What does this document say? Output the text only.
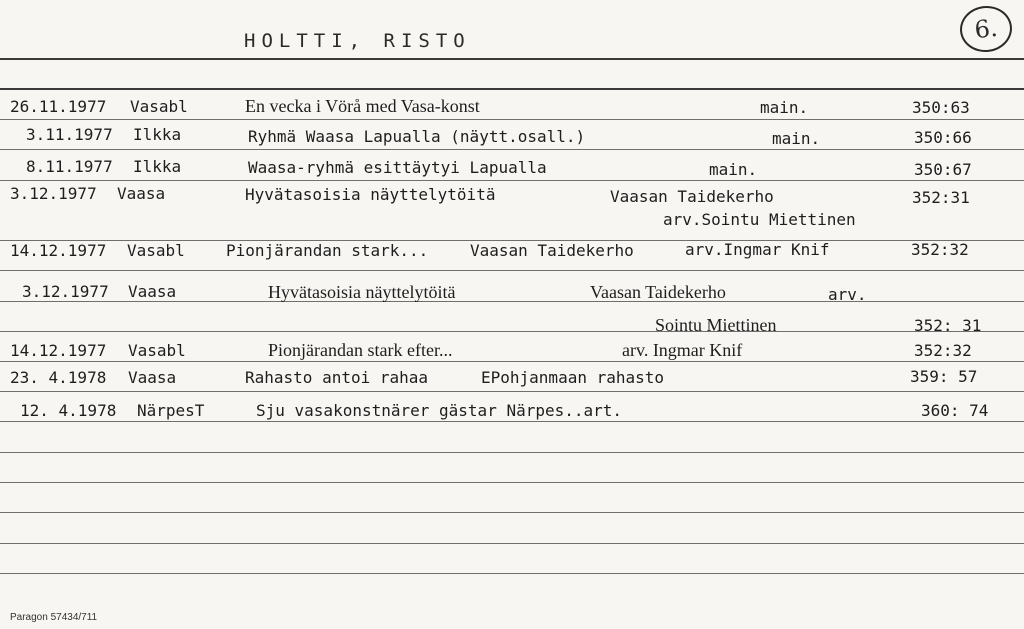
HOLTTI, RISTO	6.
26.11.1977 Vasabl	En vecka i Vörå med Vasa-konst	main.	350:63
3.11.1977 Ilkka	Ryhmä Waasa Lapualla (näytt.osall.)	main.	350:66
8.11.1977 Ilkka	Waasa-ryhmä esittäytyi Lapualla	main.	350:67
3.12.1977 Vaasa	Hyvätasoisia näyttelytöitä	Vaasan Taidekerho	352:31
arv.Sointu Miettinen
14.12.1977 Vasabl	Pionjärandan stark...	Vaasan Taidekerho	arv.Ingmar Knif	352:32
3.12.1977 Vaasa	Hyvätasoisia näyttelytöitä	Vaasan Taidekerho	arv.
Sointu Miettinen	352: 31
14.12.1977 Vasabl	Pionjärandan stark efter...	arv. Ingmar Knif	352:32
23. 4.1978 Vaasa	Rahasto antoi rahaa	EPohjanmaan rahasto	359: 57
12. 4.1978 NärpesT	Sju vasakonstnärer gästar Närpes..art.	360: 74
Paragon 57434/711
